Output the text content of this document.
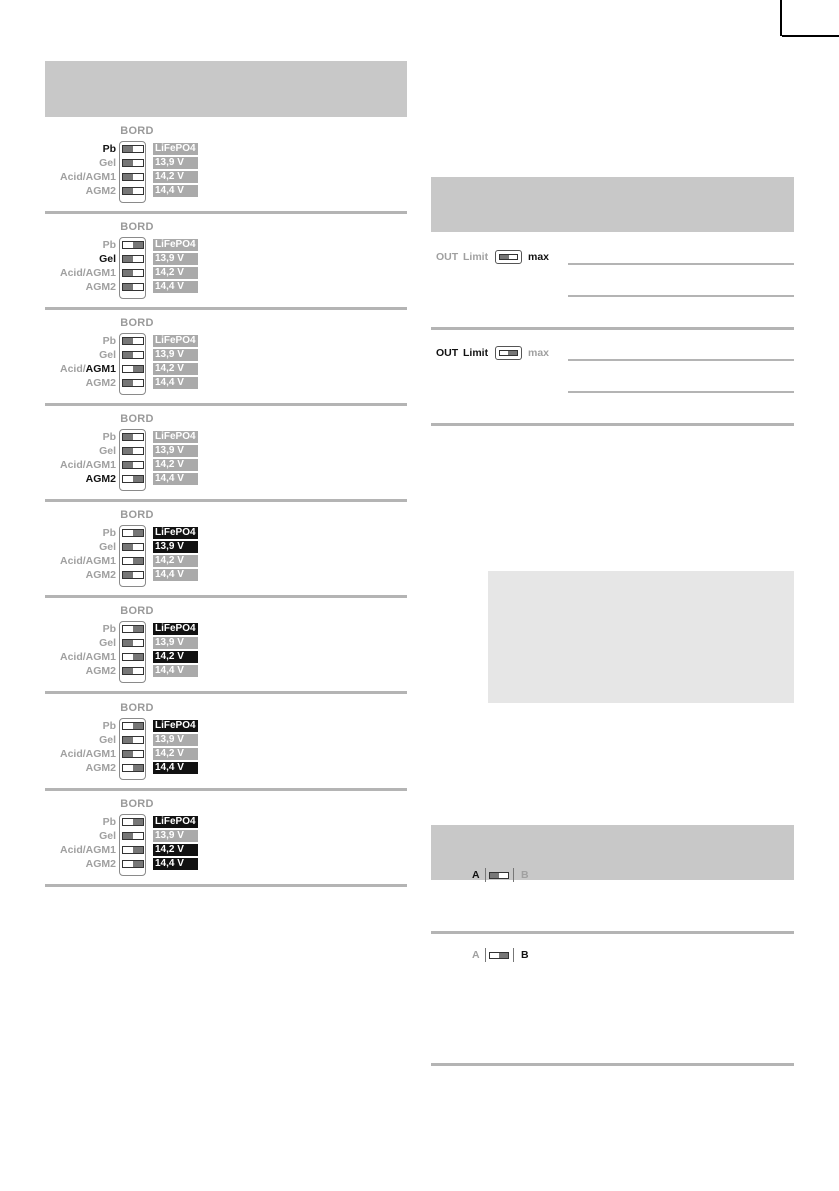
BORD
Pb	LiFePO4
Gel	13,9 V
Acid/AGM1	14,2 V
AGM2	14,4 V
BORD
Pb	LiFePO4
Gel	13,9 V
Acid/AGM1	14,2 V
AGM2	14,4 V
BORD
Pb	LiFePO4
Gel	13,9 V
Acid/AGM1	14,2 V
AGM2	14,4 V
BORD
Pb	LiFePO4
Gel	13,9 V
Acid/AGM1	14,2 V
AGM2	14,4 V
BORD
Pb	LiFePO4
Gel	13,9 V
Acid/AGM1	14,2 V
AGM2	14,4 V
BORD
Pb	LiFePO4
Gel	13,9 V
Acid/AGM1	14,2 V
AGM2	14,4 V
BORD
Pb	LiFePO4
Gel	13,9 V
Acid/AGM1	14,2 V
AGM2	14,4 V
BORD
Pb	LiFePO4
Gel	13,9 V
Acid/AGM1	14,2 V
AGM2	14,4 V
OUT Limit	max
OUT Limit	max
A	B
A	B
